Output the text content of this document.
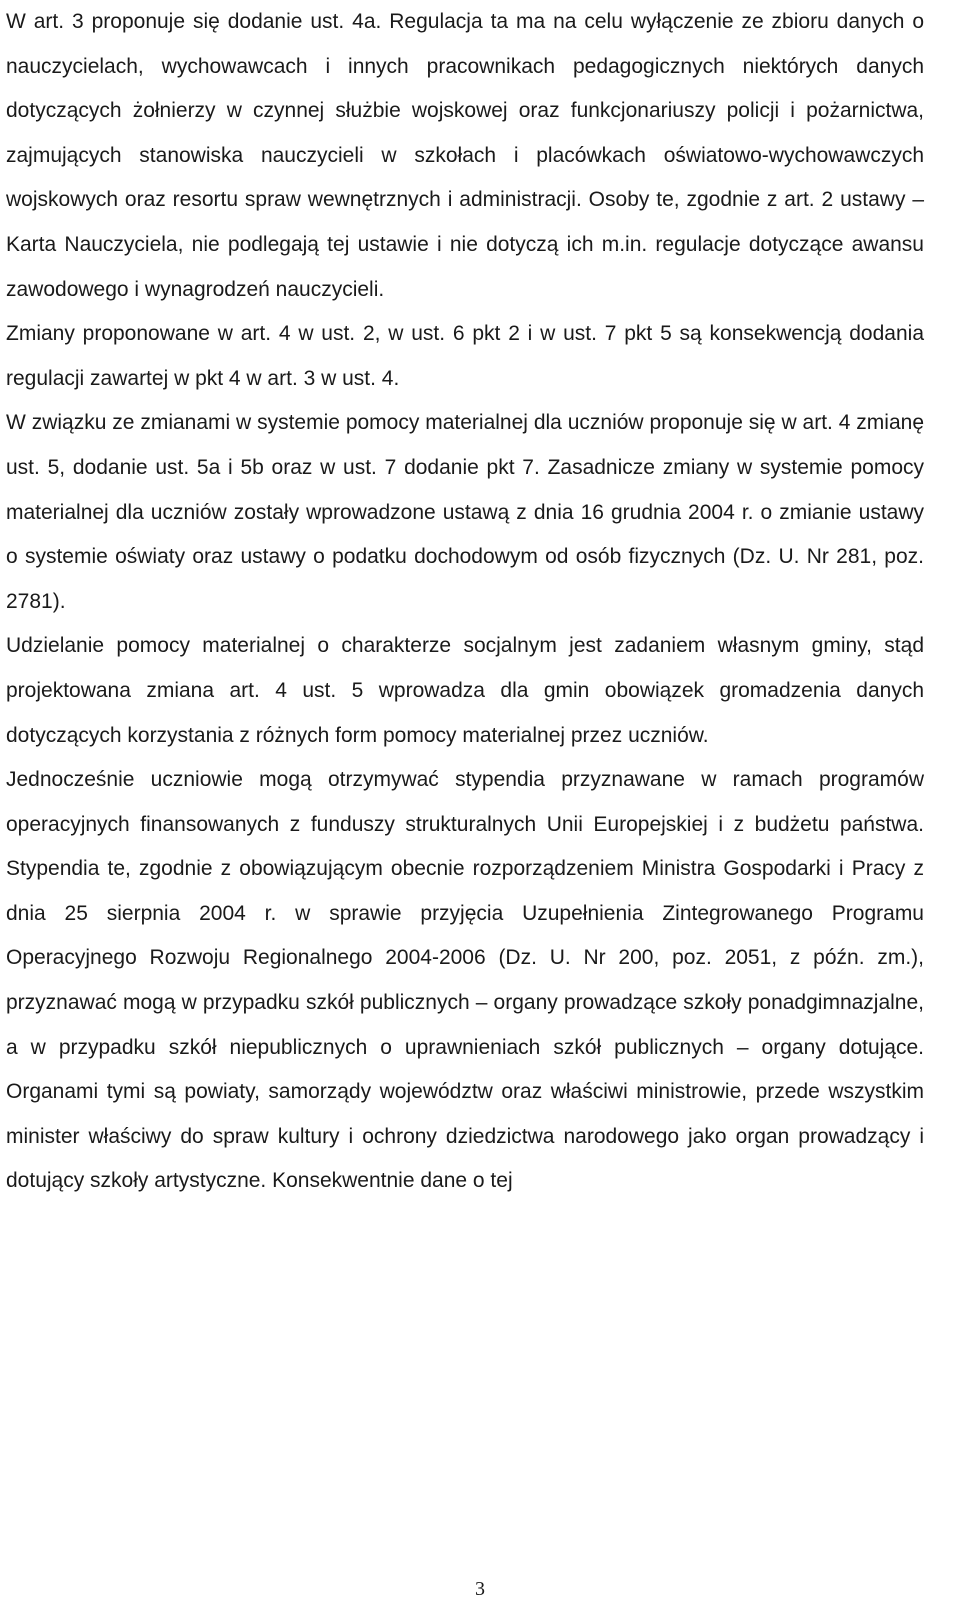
W art. 3 proponuje się dodanie ust. 4a. Regulacja ta ma na celu wyłączenie ze zbioru danych o nauczycielach, wychowawcach i innych pracownikach pedagogicznych niektórych danych dotyczących żołnierzy w czynnej służbie wojskowej oraz funkcjonariuszy policji i pożarnictwa, zajmujących stanowiska nauczycieli w szkołach i placówkach oświatowo-wychowawczych wojskowych oraz resortu spraw wewnętrznych i administracji. Osoby te, zgodnie z art. 2 ustawy – Karta Nauczyciela, nie podlegają tej ustawie i nie dotyczą ich m.in. regulacje dotyczące awansu zawodowego i wynagrodzeń nauczycieli.

Zmiany proponowane w art. 4 w ust. 2, w ust. 6 pkt 2 i w ust. 7 pkt 5 są konsekwencją dodania regulacji zawartej w pkt 4 w art. 3 w ust. 4.

W związku ze zmianami w systemie pomocy materialnej dla uczniów proponuje się w art. 4 zmianę ust. 5, dodanie ust. 5a i 5b oraz w ust. 7 dodanie pkt 7. Zasadnicze zmiany w systemie pomocy materialnej dla uczniów zostały wprowadzone ustawą z dnia 16 grudnia 2004 r. o zmianie ustawy o systemie oświaty oraz ustawy o podatku dochodowym od osób fizycznych (Dz. U. Nr 281, poz. 2781).

Udzielanie pomocy materialnej o charakterze socjalnym jest zadaniem własnym gminy, stąd projektowana zmiana art. 4 ust. 5 wprowadza dla gmin obowiązek gromadzenia danych dotyczących korzystania z różnych form pomocy materialnej przez uczniów.

Jednocześnie uczniowie mogą otrzymywać stypendia przyznawane w ramach programów operacyjnych finansowanych z funduszy strukturalnych Unii Europejskiej i z budżetu państwa. Stypendia te, zgodnie z obowiązującym obecnie rozporządzeniem Ministra Gospodarki i Pracy z dnia 25 sierpnia 2004 r. w sprawie przyjęcia Uzupełnienia Zintegrowanego Programu Operacyjnego Rozwoju Regionalnego 2004-2006 (Dz. U. Nr 200, poz. 2051, z późn. zm.), przyznawać mogą w przypadku szkół publicznych – organy prowadzące szkoły ponadgimnazjalne, a w przypadku szkół niepublicznych o uprawnieniach szkół publicznych – organy dotujące. Organami tymi są powiaty, samorządy województw oraz właściwi ministrowie, przede wszystkim minister właściwy do spraw kultury i ochrony dziedzictwa narodowego jako organ prowadzący i dotujący szkoły artystyczne. Konsekwentnie dane o tej

3
